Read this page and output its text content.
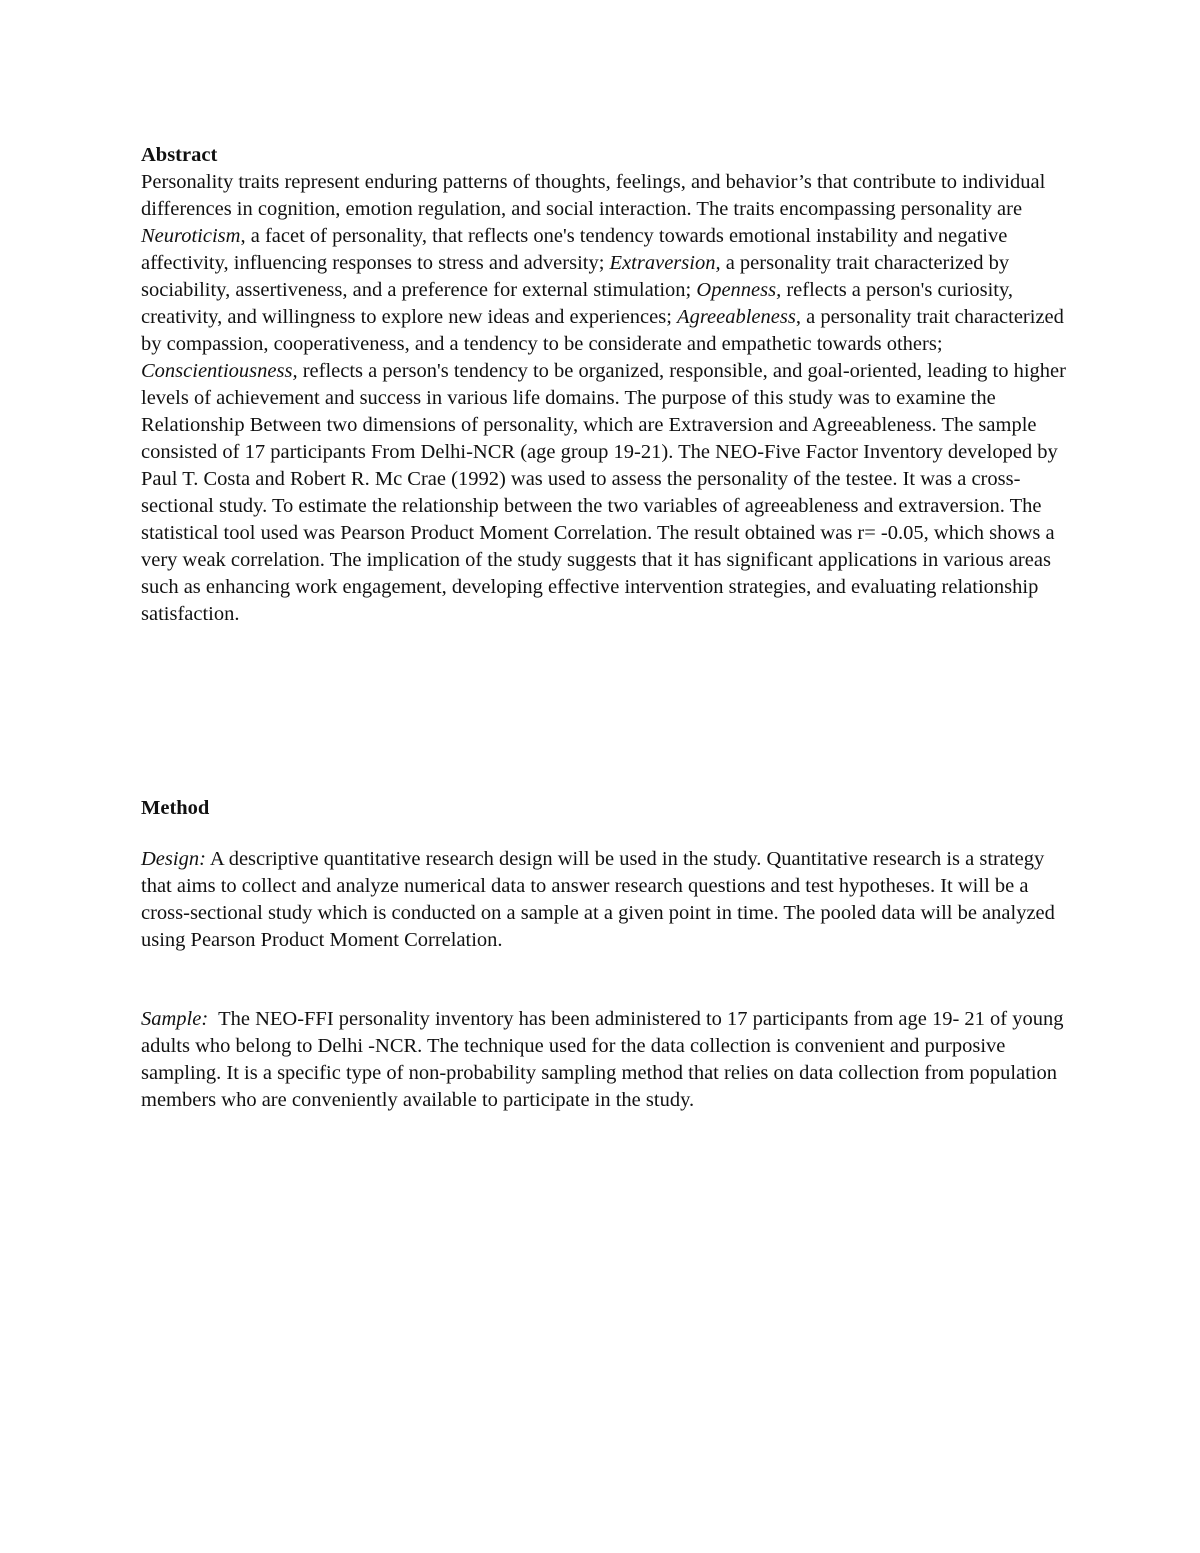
Abstract

Personality traits represent enduring patterns of thoughts, feelings, and behavior’s that contribute to individual differences in cognition, emotion regulation, and social interaction. The traits encompassing personality are Neuroticism, a facet of personality, that reflects one's tendency towards emotional instability and negative affectivity, influencing responses to stress and adversity; Extraversion, a personality trait characterized by sociability, assertiveness, and a preference for external stimulation; Openness, reflects a person's curiosity, creativity, and willingness to explore new ideas and experiences; Agreeableness, a personality trait characterized by compassion, cooperativeness, and a tendency to be considerate and empathetic towards others; Conscientiousness, reflects a person's tendency to be organized, responsible, and goal-oriented, leading to higher levels of achievement and success in various life domains. The purpose of this study was to examine the Relationship Between two dimensions of personality, which are Extraversion and Agreeableness. The sample consisted of 17 participants From Delhi-NCR (age group 19-21). The NEO-Five Factor Inventory developed by Paul T. Costa and Robert R. Mc Crae (1992) was used to assess the personality of the testee. It was a cross-sectional study. To estimate the relationship between the two variables of agreeableness and extraversion. The statistical tool used was Pearson Product Moment Correlation. The result obtained was r= -0.05, which shows a very weak correlation. The implication of the study suggests that it has significant applications in various areas such as enhancing work engagement, developing effective intervention strategies, and evaluating relationship satisfaction.

Method

Design: A descriptive quantitative research design will be used in the study. Quantitative research is a strategy that aims to collect and analyze numerical data to answer research questions and test hypotheses. It will be a cross-sectional study which is conducted on a sample at a given point in time. The pooled data will be analyzed using Pearson Product Moment Correlation.

Sample:  The NEO-FFI personality inventory has been administered to 17 participants from age 19- 21 of young adults who belong to Delhi -NCR. The technique used for the data collection is convenient and purposive sampling. It is a specific type of non-probability sampling method that relies on data collection from population members who are conveniently available to participate in the study.
